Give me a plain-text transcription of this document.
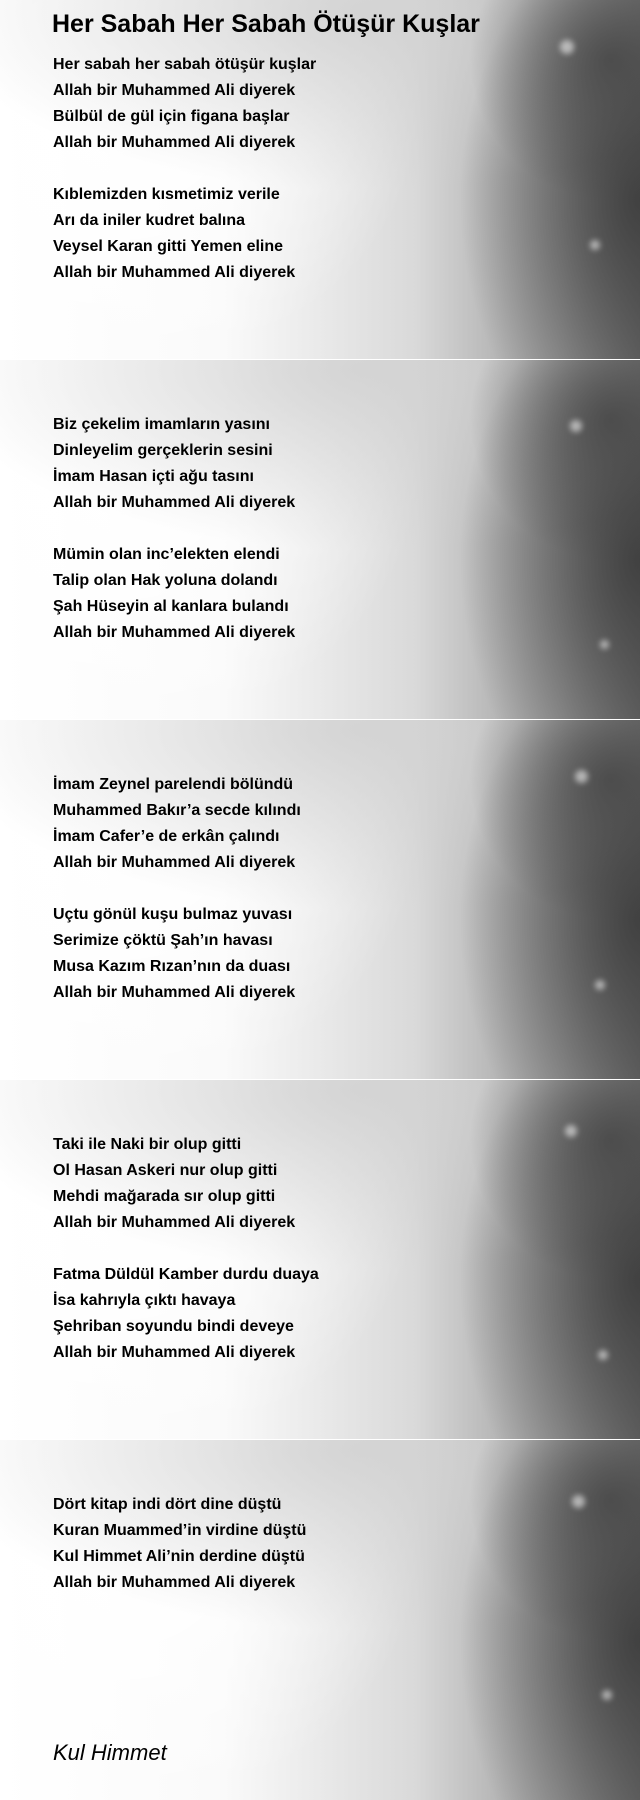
Her Sabah Her Sabah Ötüşür Kuşlar
Her sabah her sabah ötüşür kuşlar
Allah bir Muhammed Ali diyerek
Bülbül de gül için figana başlar
Allah bir Muhammed Ali diyerek
Kıblemizden kısmetimiz verile
Arı da iniler kudret balına
Veysel Karan gitti Yemen eline
Allah bir Muhammed Ali diyerek
Biz çekelim imamların yasını
Dinleyelim gerçeklerin sesini
İmam Hasan içti ağu tasını
Allah bir Muhammed Ali diyerek
Mümin olan inc’elekten elendi
Talip olan Hak yoluna dolandı
Şah Hüseyin al kanlara bulandı
Allah bir Muhammed Ali diyerek
İmam Zeynel parelendi bölündü
Muhammed Bakır’a secde kılındı
İmam Cafer’e de erkân çalındı
Allah bir Muhammed Ali diyerek
Uçtu gönül kuşu bulmaz yuvası
Serimize çöktü Şah’ın havası
Musa Kazım Rızan’nın da duası
Allah bir Muhammed Ali diyerek
Taki ile Naki bir olup gitti
Ol Hasan Askeri nur olup gitti
Mehdi mağarada sır olup gitti
Allah bir Muhammed Ali diyerek
Fatma Düldül Kamber durdu duaya
İsa kahrıyla çıktı havaya
Şehriban soyundu bindi deveye
Allah bir Muhammed Ali diyerek
Dört kitap indi dört dine düştü
Kuran Muammed’in virdine düştü
Kul Himmet Ali’nin derdine düştü
Allah bir Muhammed Ali diyerek
Kul Himmet
